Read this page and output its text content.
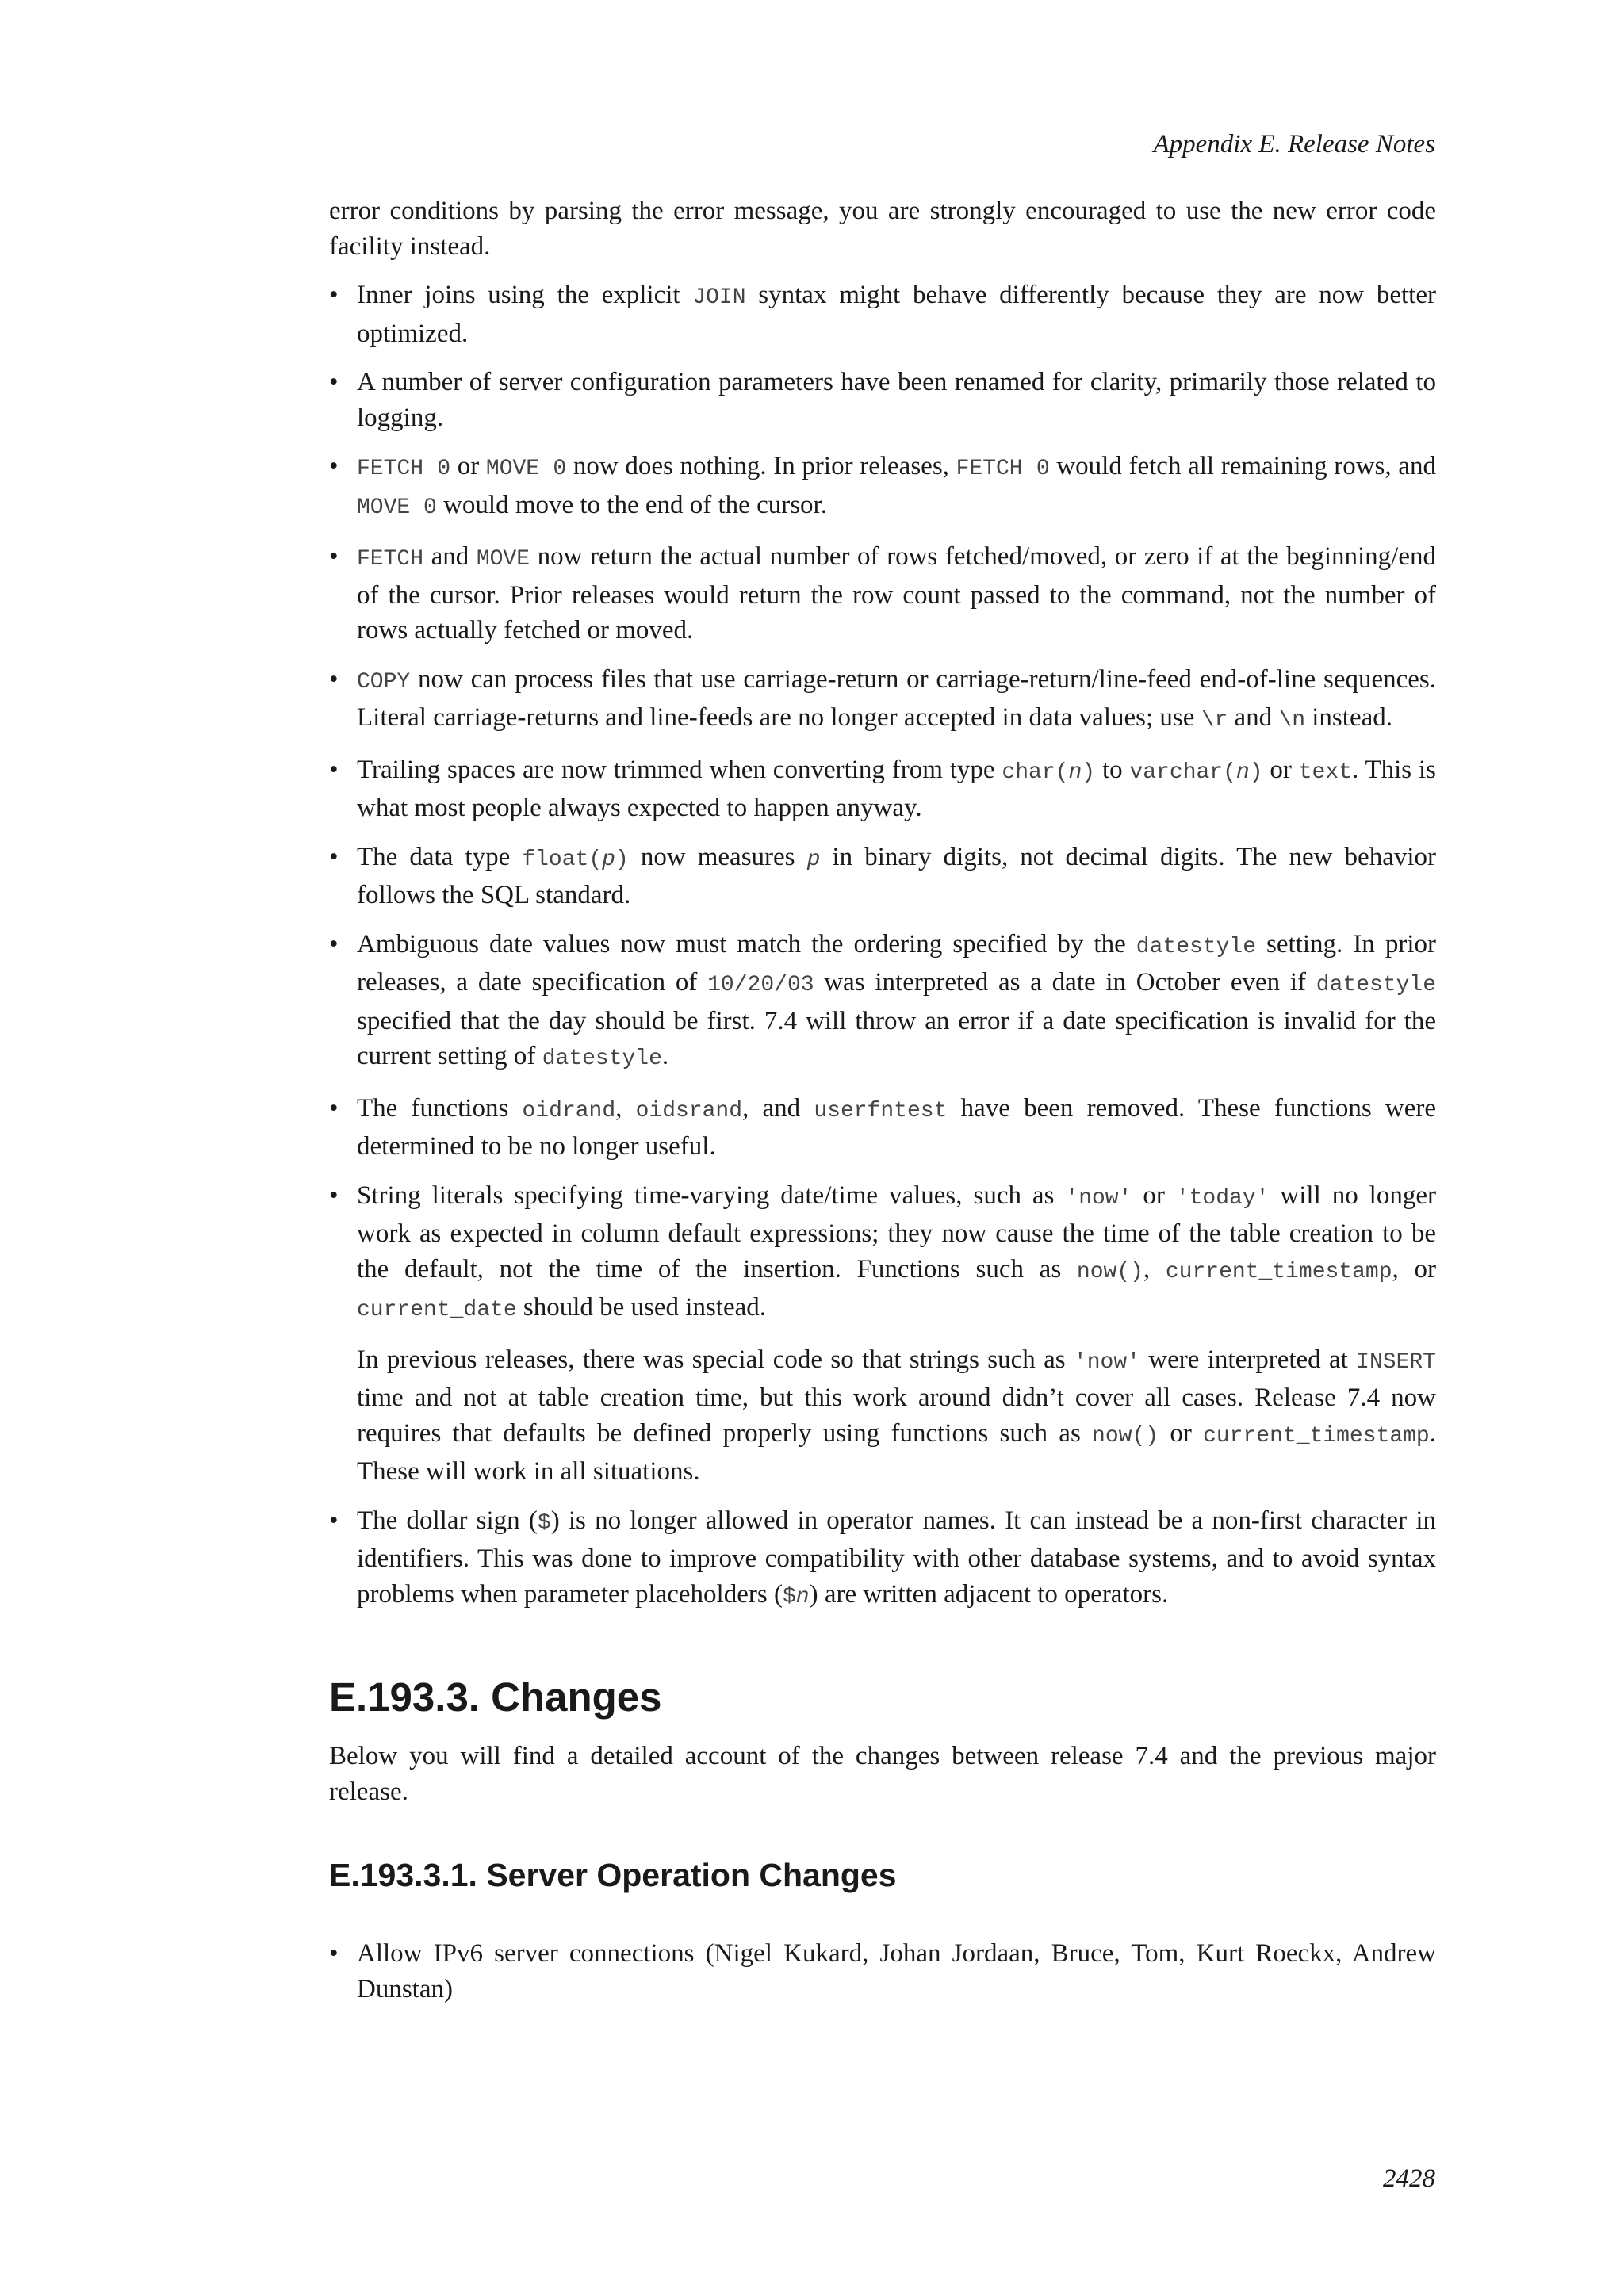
Appendix E. Release Notes

error conditions by parsing the error message, you are strongly encouraged to use the new error code facility instead.

• Inner joins using the explicit JOIN syntax might behave differently because they are now better optimized.

• A number of server configuration parameters have been renamed for clarity, primarily those related to logging.

• FETCH 0 or MOVE 0 now does nothing. In prior releases, FETCH 0 would fetch all remaining rows, and MOVE 0 would move to the end of the cursor.

• FETCH and MOVE now return the actual number of rows fetched/moved, or zero if at the beginning/end of the cursor. Prior releases would return the row count passed to the command, not the number of rows actually fetched or moved.

• COPY now can process files that use carriage-return or carriage-return/line-feed end-of-line sequences. Literal carriage-returns and line-feeds are no longer accepted in data values; use \r and \n instead.

• Trailing spaces are now trimmed when converting from type char(n) to varchar(n) or text. This is what most people always expected to happen anyway.

• The data type float(p) now measures p in binary digits, not decimal digits. The new behavior follows the SQL standard.

• Ambiguous date values now must match the ordering specified by the datestyle setting. In prior releases, a date specification of 10/20/03 was interpreted as a date in October even if datestyle specified that the day should be first. 7.4 will throw an error if a date specification is invalid for the current setting of datestyle.

• The functions oidrand, oidsrand, and userfntest have been removed. These functions were determined to be no longer useful.

• String literals specifying time-varying date/time values, such as 'now' or 'today' will no longer work as expected in column default expressions; they now cause the time of the table creation to be the default, not the time of the insertion. Functions such as now(), current_timestamp, or current_date should be used instead.

In previous releases, there was special code so that strings such as 'now' were interpreted at INSERT time and not at table creation time, but this work around didn’t cover all cases. Release 7.4 now requires that defaults be defined properly using functions such as now() or current_timestamp. These will work in all situations.

• The dollar sign ($) is no longer allowed in operator names. It can instead be a non-first character in identifiers. This was done to improve compatibility with other database systems, and to avoid syntax problems when parameter placeholders ($n) are written adjacent to operators.

E.193.3. Changes

Below you will find a detailed account of the changes between release 7.4 and the previous major release.

E.193.3.1. Server Operation Changes
• Allow IPv6 server connections (Nigel Kukard, Johan Jordaan, Bruce, Tom, Kurt Roeckx, Andrew Dunstan)

2428
